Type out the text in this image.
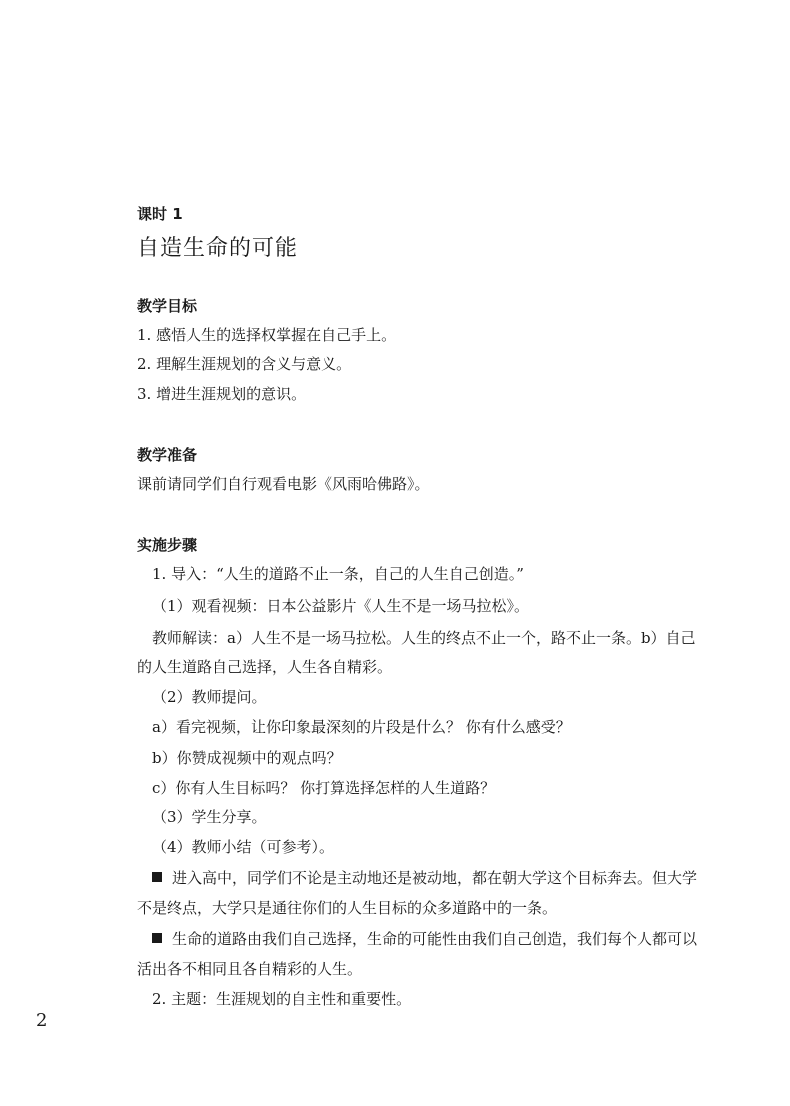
课时 1
自造生命的可能
教学目标
1. 感悟人生的选择权掌握在自己手上。
2. 理解生涯规划的含义与意义。
3. 增进生涯规划的意识。
教学准备
课前请同学们自行观看电影《风雨哈佛路》。
实施步骤
1. 导入：“人生的道路不止一条，自己的人生自己创造。”
（1）观看视频：日本公益影片《人生不是一场马拉松》。
教师解读：a）人生不是一场马拉松。人生的终点不止一个，路不止一条。b）自己
的人生道路自己选择，人生各自精彩。
（2）教师提问。
a）看完视频，让你印象最深刻的片段是什么？ 你有什么感受？
b）你赞成视频中的观点吗？
c）你有人生目标吗？ 你打算选择怎样的人生道路？
（3）学生分享。
（4）教师小结（可参考）。
进入高中，同学们不论是主动地还是被动地，都在朝大学这个目标奔去。但大学
不是终点，大学只是通往你们的人生目标的众多道路中的一条。
生命的道路由我们自己选择，生命的可能性由我们自己创造，我们每个人都可以
活出各不相同且各自精彩的人生。
2. 主题：生涯规划的自主性和重要性。
2
